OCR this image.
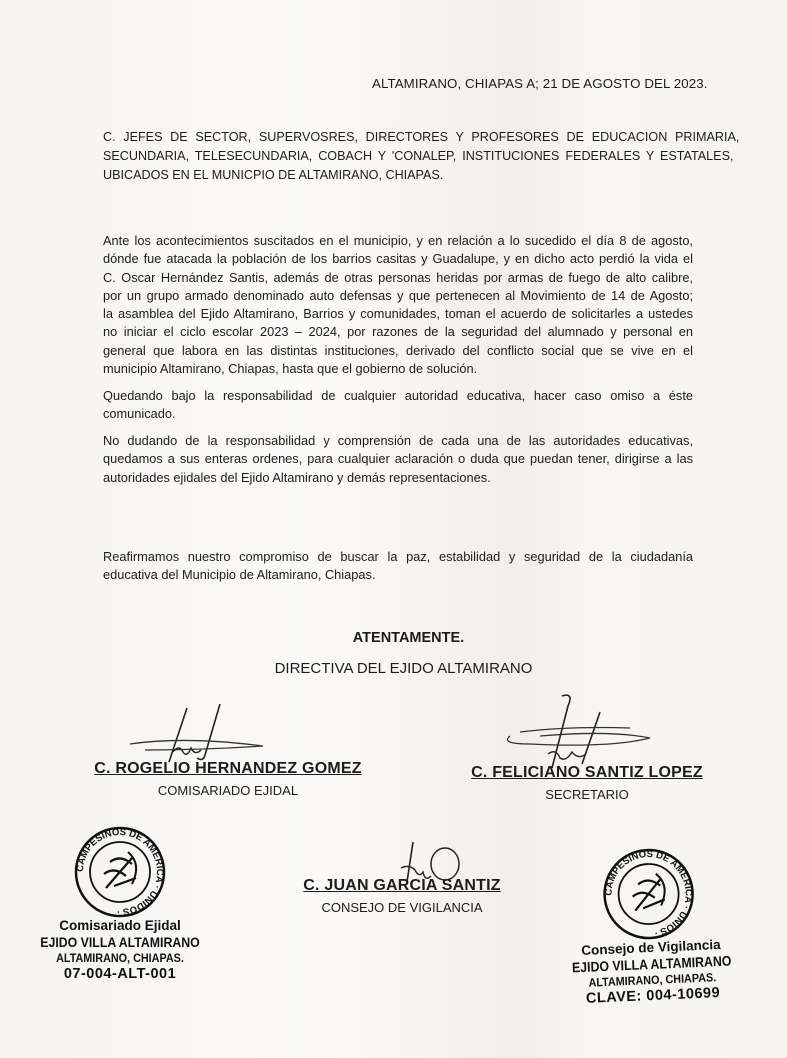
ALTAMIRANO, CHIAPAS A; 21 DE AGOSTO DEL 2023.
C. JEFES DE SECTOR, SUPERVOSRES, DIRECTORES Y PROFESORES DE EDUCACION PRIMARIA,
SECUNDARIA, TELESECUNDARIA, COBACH Y 'CONALEP, INSTITUCIONES FEDERALES Y ESTATALES,
UBICADOS EN EL MUNICPIO DE ALTAMIRANO, CHIAPAS.
Ante los acontecimientos suscitados en el municipio, y en relación a lo sucedido el día 8 de agosto,
dónde fue atacada la población de los barrios casitas y Guadalupe, y en dicho acto perdió la vida el
C. Oscar Hernández Santis, además de otras personas heridas por armas de fuego de alto calibre,
por un grupo armado denominado auto defensas y que pertenecen al Movimiento de 14 de Agosto;
la asamblea del Ejido Altamirano, Barrios y comunidades, toman el acuerdo de solicitarles a ustedes
no iniciar el ciclo escolar 2023 – 2024, por razones de la seguridad del alumnado y personal en
general que labora en las distintas instituciones, derivado del conflicto social que se vive en el
municipio Altamirano, Chiapas, hasta que el gobierno de solución.
Quedando bajo la responsabilidad de cualquier autoridad educativa, hacer caso omiso a éste
comunicado.
No dudando de la responsabilidad y comprensión de cada una de las autoridades educativas,
quedamos a sus enteras ordenes, para cualquier aclaración o duda que puedan tener, dirigirse a las
autoridades ejidales del Ejido Altamirano y demás representaciones.
Reafirmamos nuestro compromiso de buscar la paz, estabilidad y seguridad de la ciudadanía
educativa del Municipio de Altamirano, Chiapas.
ATENTAMENTE.
DIRECTIVA DEL EJIDO ALTAMIRANO
C. ROGELIO HERNANDEZ GOMEZ
COMISARIADO EJIDAL
C. FELICIANO SANTIZ LOPEZ
SECRETARIO
C. JUAN GARCIA SANTIZ
CONSEJO DE VIGILANCIA
CAMPESINOS DE AMERICA · UNIDOS ·
Comisariado Ejidal
EJIDO VILLA ALTAMIRANO
ALTAMIRANO, CHIAPAS.
07-004-ALT-001
CAMPESINOS DE AMERICA · UNIOS ·
Consejo de Vigilancia
EJIDO VILLA ALTAMIRANO
ALTAMIRANO, CHIAPAS.
CLAVE: 004-10699
